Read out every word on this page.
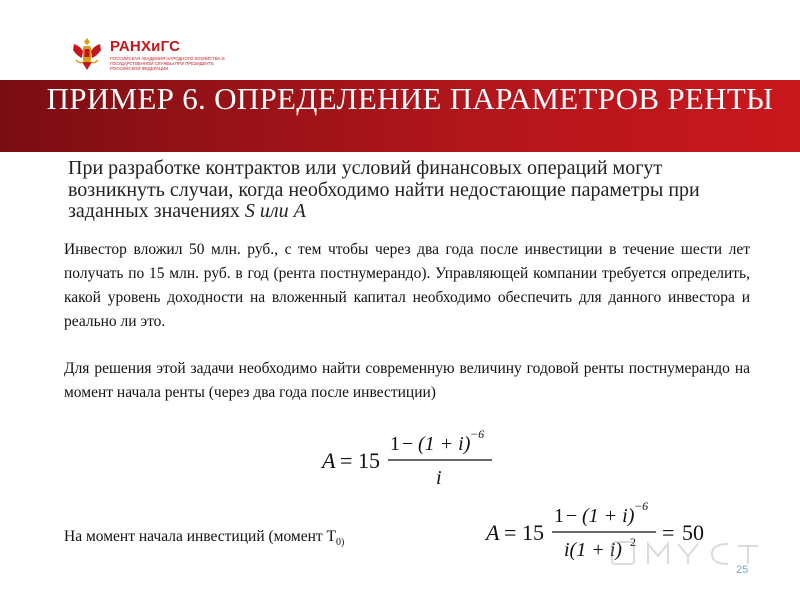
РАНХиГС
РОССИЙСКАЯ АКАДЕМИЯ НАРОДНОГО ХОЗЯЙСТВА И ГОСУДАРСТВЕННОЙ СЛУЖБЫ ПРИ ПРЕЗИДЕНТЕ РОССИЙСКОЙ ФЕДЕРАЦИИ
ПРИМЕР 6. ОПРЕДЕЛЕНИЕ ПАРАМЕТРОВ РЕНТЫ
При разработке контрактов или условий финансовых операций могут возникнуть случаи, когда необходимо найти недостающие параметры при заданных значениях S или A
Инвестор вложил 50 млн. руб., с тем чтобы через два года после инвестиции в течение шести лет получать по 15 млн. руб. в год (рента постнумерандо). Управляющей компании требуется определить, какой уровень доходности на вложенный капитал необходимо обеспечить для данного инвестора и реально ли это.
Для решения этой задачи необходимо найти современную величину годовой ренты постнумерандо на момент начала ренты (через два года после инвестиции)
A = 15
1 − (1 + i) −6
i
На момент начала инвестиций (момент $Т_{0)}$	A = 15
1 − (1 + i) −6
i(1 + i) 2 = 50
25
